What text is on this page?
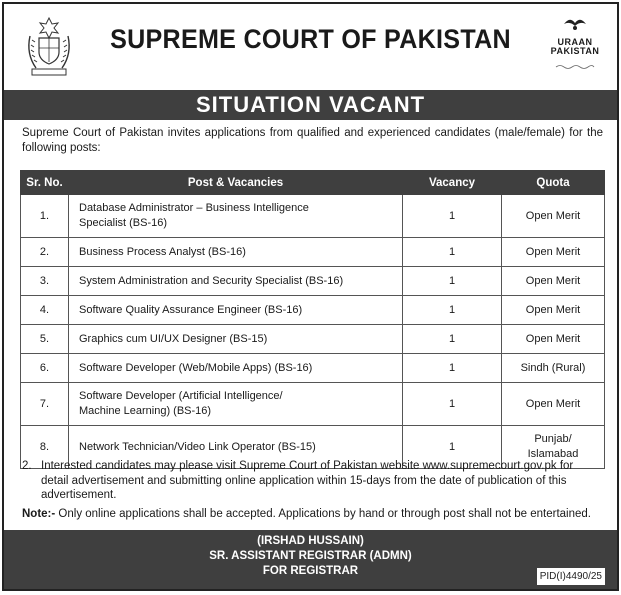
SUPREME COURT OF PAKISTAN	URAAN
PAKISTAN
SITUATION VACANT
Supreme Court of Pakistan invites applications from qualified and experienced candidates (male/female) for the following posts:
Sr. No.	Post & Vacancies	Vacancy	Quota
1.	Database Administrator – Business Intelligence
Specialist (BS-16)	1	Open Merit
2.	Business Process Analyst (BS-16)	1	Open Merit
3.	System Administration and Security Specialist (BS-16)	1	Open Merit
4.	Software Quality Assurance Engineer (BS-16)	1	Open Merit
5.	Graphics cum UI/UX Designer (BS-15)	1	Open Merit
6.	Software Developer (Web/Mobile Apps) (BS-16)	1	Sindh (Rural)
7.	Software Developer (Artificial Intelligence/
Machine Learning) (BS-16)	1	Open Merit
8.	Network Technician/Video Link Operator (BS-15)	1	Punjab/
Islamabad
2. Interested candidates may please visit Supreme Court of Pakistan website www.supremecourt.gov.pk for detail advertisement and submitting online application within 15-days from the date of publication of this advertisement.
Note:- Only online applications shall be accepted. Applications by hand or through post shall not be entertained.
(IRSHAD HUSSAIN)
SR. ASSISTANT REGISTRAR (ADMN)
FOR REGISTRAR	PID(I)4490/25
